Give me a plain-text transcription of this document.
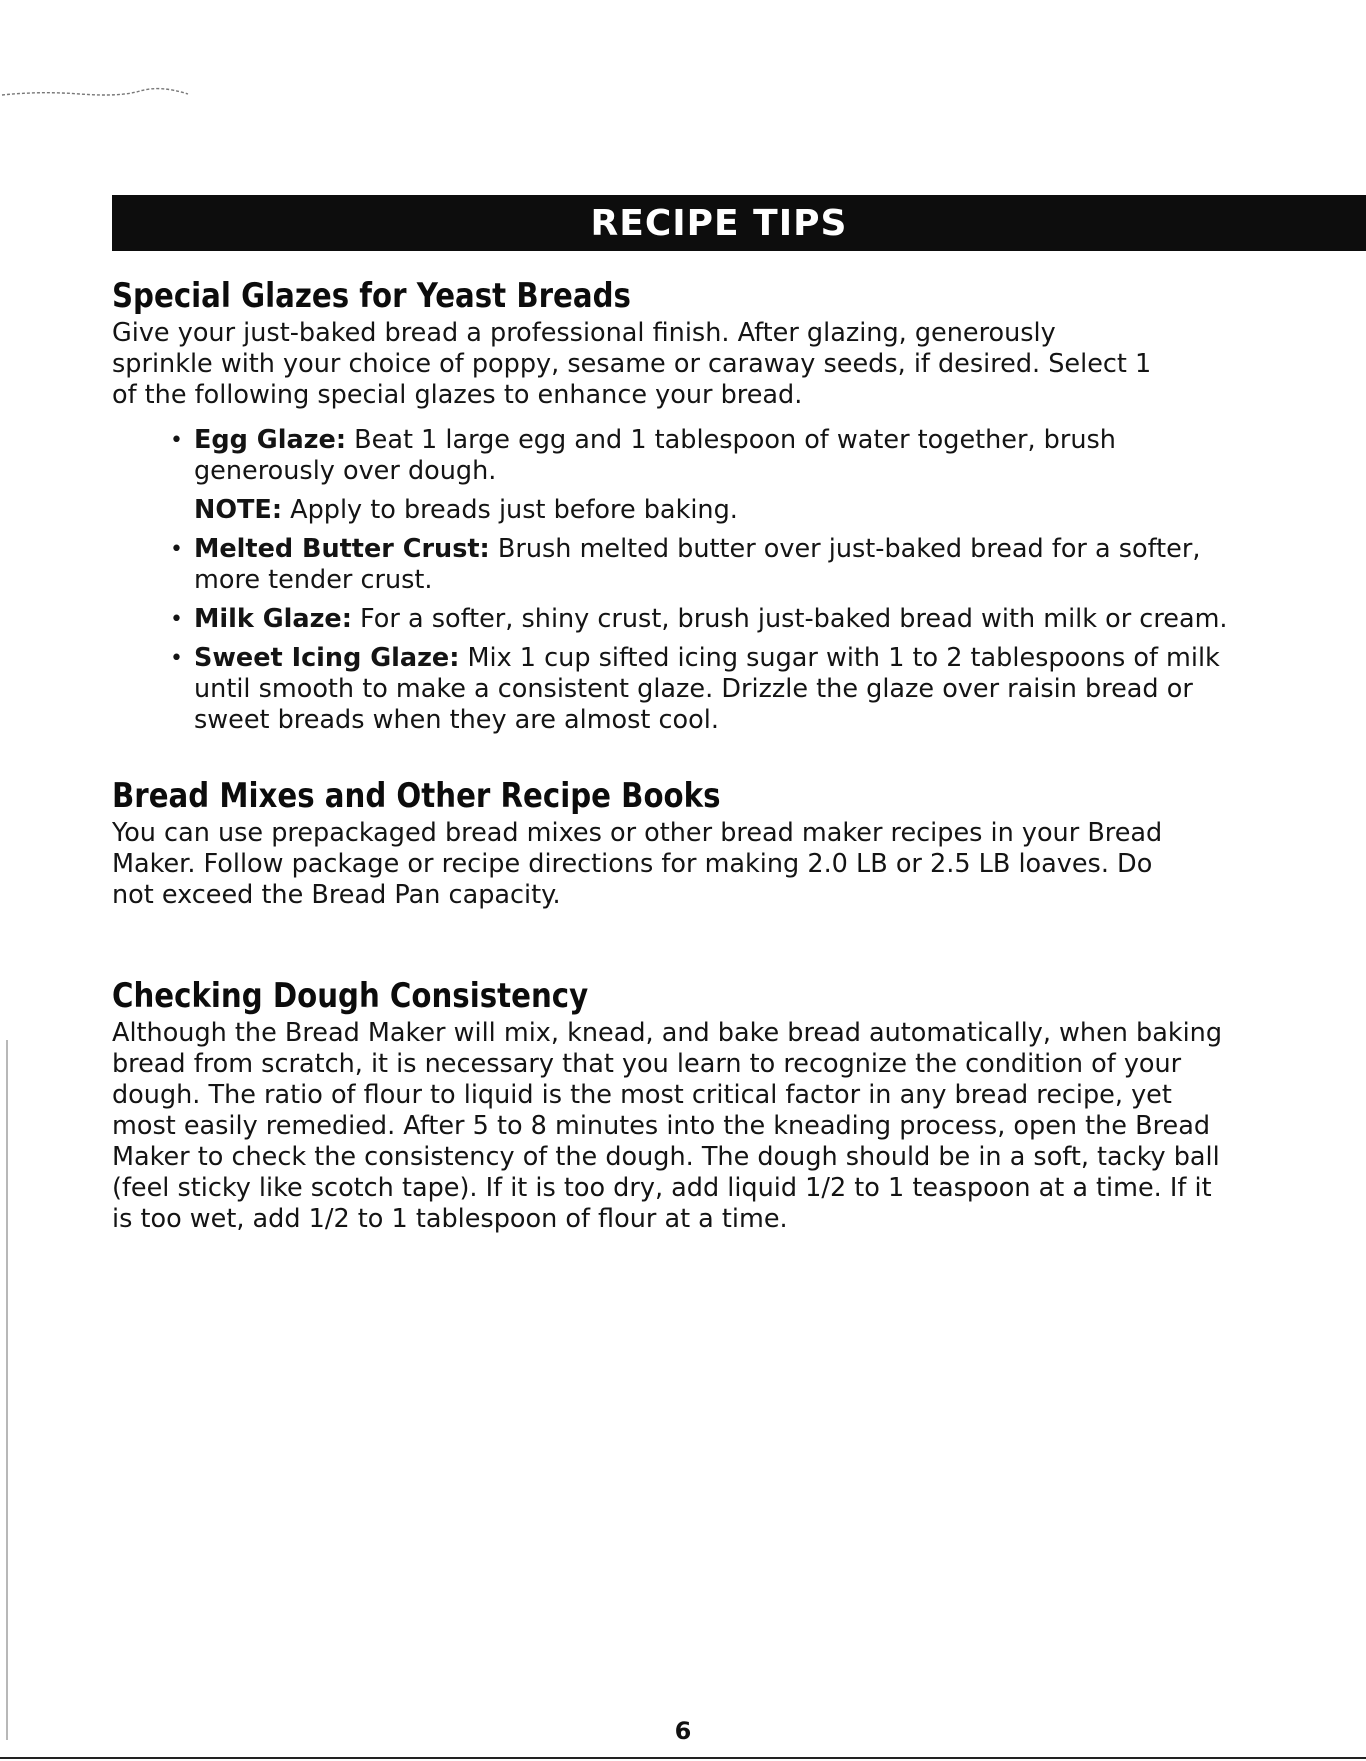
RECIPE TIPS
Special Glazes for Yeast Breads

Give your just-baked bread a professional finish. After glazing, generously sprinkle with your choice of poppy, sesame or caraway seeds, if desired. Select 1 of the following special glazes to enhance your bread.

• Egg Glaze: Beat 1 large egg and 1 tablespoon of water together, brush generously over dough.
NOTE: Apply to breads just before baking.
• Melted Butter Crust: Brush melted butter over just-baked bread for a softer, more tender crust.
• Milk Glaze: For a softer, shiny crust, brush just-baked bread with milk or cream.
• Sweet Icing Glaze: Mix 1 cup sifted icing sugar with 1 to 2 tablespoons of milk until smooth to make a consistent glaze. Drizzle the glaze over raisin bread or sweet breads when they are almost cool.
Bread Mixes and Other Recipe Books

You can use prepackaged bread mixes or other bread maker recipes in your Bread Maker. Follow package or recipe directions for making 2.0 LB or 2.5 LB loaves. Do not exceed the Bread Pan capacity.

Checking Dough Consistency

Although the Bread Maker will mix, knead, and bake bread automatically, when baking bread from scratch, it is necessary that you learn to recognize the condition of your dough. The ratio of flour to liquid is the most critical factor in any bread recipe, yet most easily remedied. After 5 to 8 minutes into the kneading process, open the Bread Maker to check the consistency of the dough. The dough should be in a soft, tacky ball (feel sticky like scotch tape). If it is too dry, add liquid 1/2 to 1 teaspoon at a time. If it is too wet, add 1/2 to 1 tablespoon of flour at a time.

6
